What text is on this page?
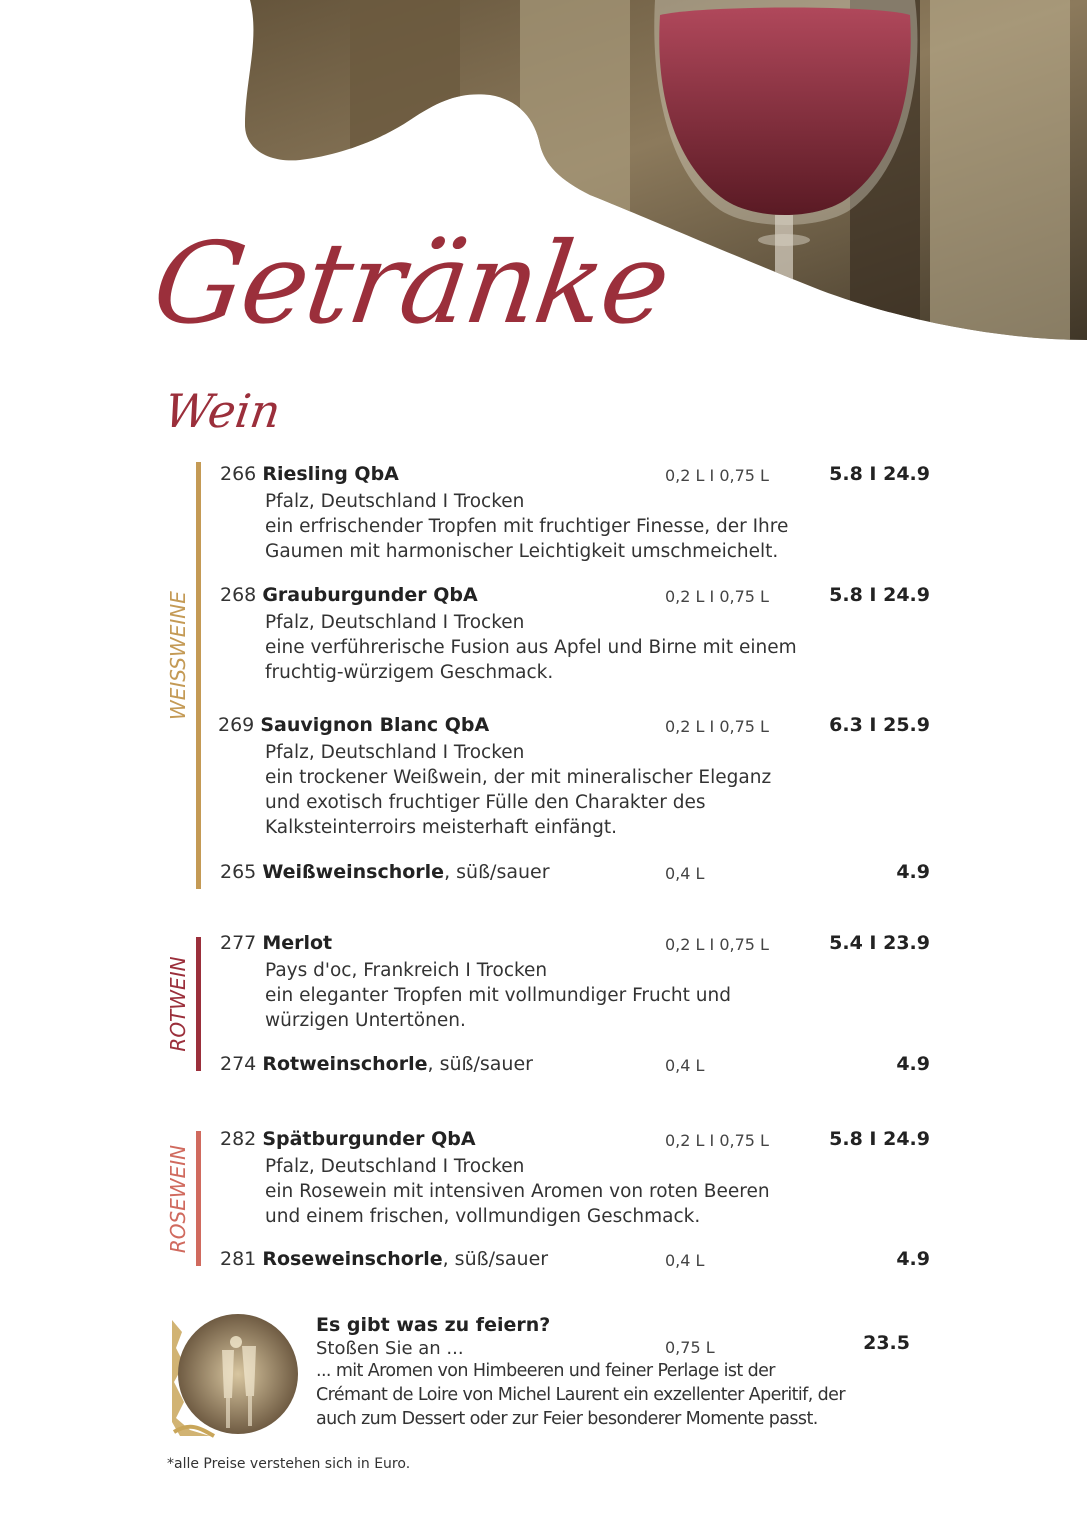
Getränke
Wein
WEISSWEINE
ROTWEIN
ROSEWEIN
266 Riesling QbA	0,2 L I 0,75 L	5.8 I 24.9
Pfalz, Deutschland I Trocken
ein erfrischender Tropfen mit fruchtiger Finesse, der Ihre
Gaumen mit harmonischer Leichtigkeit umschmeichelt.
268 Grauburgunder QbA	0,2 L I 0,75 L	5.8 I 24.9
Pfalz, Deutschland I Trocken
eine verführerische Fusion aus Apfel und Birne mit einem
fruchtig-würzigem Geschmack.
269 Sauvignon Blanc QbA	0,2 L I 0,75 L	6.3 I 25.9
Pfalz, Deutschland I Trocken
ein trockener Weißwein, der mit mineralischer Eleganz
und exotisch fruchtiger Fülle den Charakter des
Kalksteinterroirs meisterhaft einfängt.
265 Weißweinschorle, süß/sauer	0,4 L	4.9
277 Merlot	0,2 L I 0,75 L	5.4 I 23.9
Pays d'oc, Frankreich I Trocken
ein eleganter Tropfen mit vollmundiger Frucht und
würzigen Untertönen.
274 Rotweinschorle, süß/sauer	0,4 L	4.9
282 Spätburgunder QbA	0,2 L I 0,75 L	5.8 I 24.9
Pfalz, Deutschland I Trocken
ein Rosewein mit intensiven Aromen von roten Beeren
und einem frischen, vollmundigen Geschmack.
281 Roseweinschorle, süß/sauer	0,4 L	4.9
Es gibt was zu feiern?
Stoßen Sie an ...
... mit Aromen von Himbeeren und feiner Perlage ist der
Crémant de Loire von Michel Laurent ein exzellenter Aperitif, der
auch zum Dessert oder zur Feier besonderer Momente passt.
0,75 L	23.5
*alle Preise verstehen sich in Euro.
